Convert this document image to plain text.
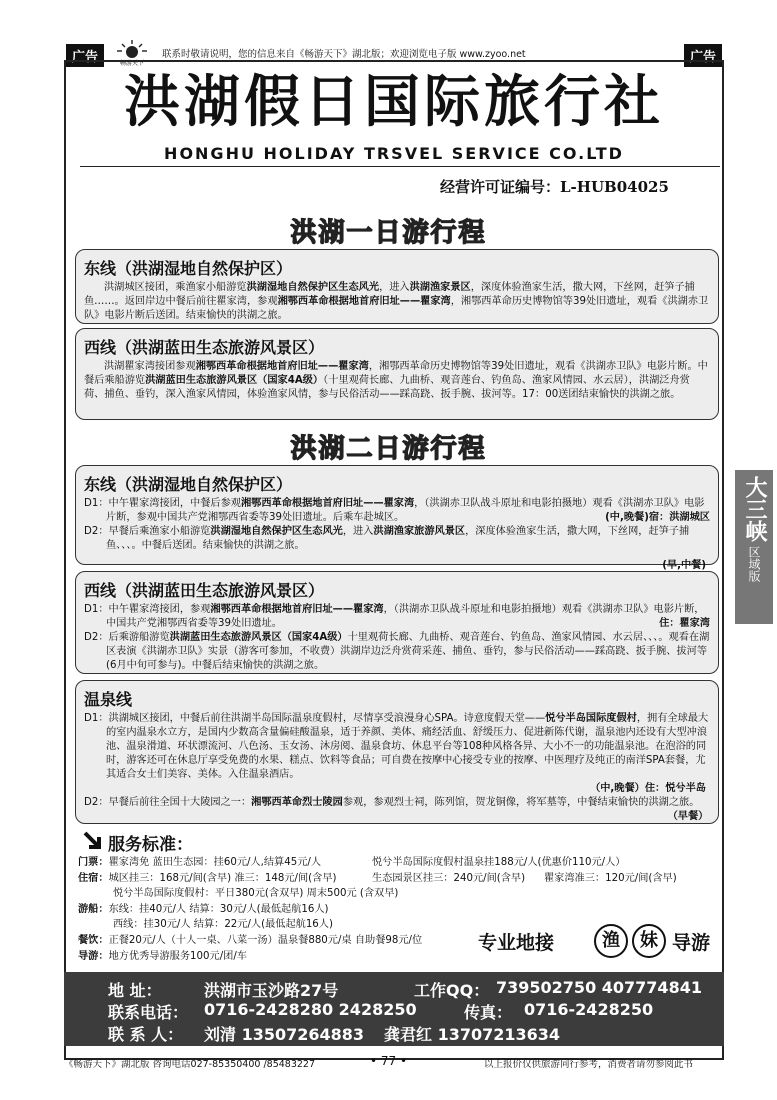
广告	畅游天下
联系时敬请说明，您的信息来自《畅游天下》湖北版；欢迎浏览电子版 www.zyoo.net	广告
洪湖假日国际旅行社
HONGHU HOLIDAY TRSVEL SERVICE CO.LTD
经营许可证编号：L-HUB04025
洪湖一日游行程
东线（洪湖湿地自然保护区）

洪湖城区接团，乘渔家小船游览洪湖湿地自然保护区生态风光，进入洪湖渔家景区，深度体验渔家生活，撒大网，下丝网，赶笋子捕鱼……。返回岸边中餐后前往瞿家湾，参观湘鄂西革命根据地首府旧址——瞿家湾，湘鄂西革命历史博物馆等39处旧遗址，观看《洪湖赤卫队》电影片断后送团。结束愉快的洪湖之旅。

西线（洪湖蓝田生态旅游风景区）

洪湖瞿家湾接团参观湘鄂西革命根据地首府旧址——瞿家湾，湘鄂西革命历史博物馆等39处旧遗址，观看《洪湖赤卫队》电影片断。中餐后乘船游览洪湖蓝田生态旅游风景区（国家4A级）（十里观荷长廊、九曲桥、观音莲台、钓鱼岛、渔家风情园、水云居），洪湖泛舟赏荷、捕鱼、垂钓，深入渔家风情园，体验渔家风情，参与民俗活动——踩高跷、扳手腕、拔河等。17：00送团结束愉快的洪湖之旅。

洪湖二日游行程
东线（洪湖湿地自然保护区）

D1：中午瞿家湾接团，中餐后参观湘鄂西革命根据地首府旧址——瞿家湾，（洪湖赤卫队战斗原址和电影拍摄地）观看《洪湖赤卫队》电影片断，参观中国共产党湘鄂西省委等39处旧遗址。后乘车赴城区。	(中,晚餐)宿：洪湖城区

D2：早餐后乘渔家小船游览洪湖湿地自然保护区生态风光，进入洪湖渔家旅游风景区，深度体验渔家生活，撒大网，下丝网，赶笋子捕鱼、、、。中餐后送团。结束愉快的洪湖之旅。

(早,中餐)

西线（洪湖蓝田生态旅游风景区）

D1：中午瞿家湾接团，参观湘鄂西革命根据地首府旧址——瞿家湾，（洪湖赤卫队战斗原址和电影拍摄地）观看《洪湖赤卫队》电影片断，中国共产党湘鄂西省委等39处旧遗址。	住：瞿家湾

D2：后乘游船游览洪湖蓝田生态旅游风景区（国家4A级）十里观荷长廊、九曲桥、观音莲台、钓鱼岛、渔家风情园、水云居、、、。观看在湖区表演《洪湖赤卫队》实景（游客可参加，不收费）洪湖岸边泛舟赏荷采莲、捕鱼、垂钓，参与民俗活动——踩高跷、扳手腕、拔河等(6月中旬可参与)。中餐后结束愉快的洪湖之旅。

温泉线

D1：洪湖城区接团，中餐后前往洪湖半岛国际温泉度假村，尽情享受浪漫身心SPA。诗意度假天堂——悦兮半岛国际度假村，拥有全球最大的室内温泉水立方，是国内少数高含量偏硅酸温泉，适于养颜、美体、痛经活血、舒缓压力、促进新陈代谢，温泉池内还设有大型冲浪池、温泉滑道、环状漂流河、八色汤、玉女汤、沐房阅、温泉食坊、休息平台等108种风格各异、大小不一的功能温泉池。在泡浴的同时，游客还可在休息厅享受免费的水果、糕点、饮料等食品；可自费在按摩中心接受专业的按摩、中医理疗及纯正的南洋SPA套餐，尤其适合女士们美容、美体。入住温泉酒店。

（中,晚餐）住：悦兮半岛

D2：早餐后前往全国十大陵园之一：湘鄂西革命烈士陵园参观，参观烈士祠，陈列馆，贺龙铜像，将军墓等，中餐结束愉快的洪湖之旅。
（早餐）

服务标准：
门票：瞿家湾免 蓝田生态园：挂60元/人,结算45元/人	悦兮半岛国际度假村温泉挂188元/人(优惠价110元/人）
住宿：城区挂三：168元/间(含早) 准三：148元/间(含早)	生态园景区挂三：240元/间(含早) 瞿家湾准三：120元/间(含早)
悦兮半岛国际度假村：平日380元(含双早) 周末500元 (含双早)
游船：东线：挂40元/人 结算：30元/人(最低起航16人)
西线：挂30元/人 结算：22元/人(最低起航16人)
餐饮：正餐20元/人（十人一桌、八菜一汤）温泉餐880元/桌 自助餐98元/位
导游：地方优秀导游服务100元/团/车
专业地接	渔	妹 导游
地 址：	洪湖市玉沙路27号	工作QQ： 739502750 407774841
联系电话： 0716-2428280 2428250	传真： 0716-2428250
联 系 人： 刘清 13507264883 龚君红 13707213634
《畅游天下》湖北版 咨询电话027-85350400 /85483227	• 77 •	以上报价仅供旅游同行参考，消费者请勿参阅此书
大三峡
区域版
